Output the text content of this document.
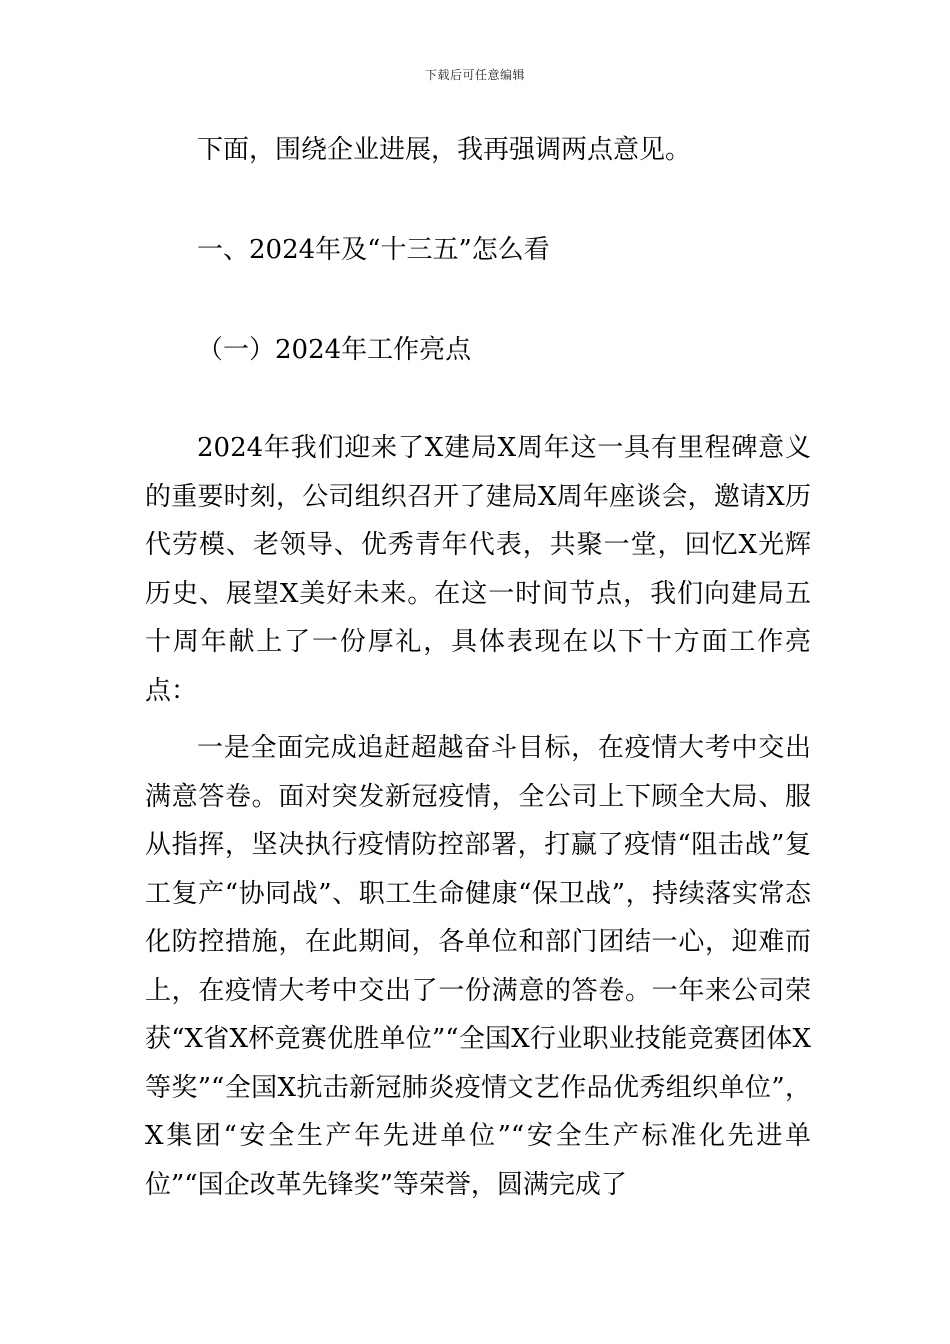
下载后可任意编辑
下面，围绕企业进展，我再强调两点意见。
一、2024年及“十三五”怎么看
（一）2024年工作亮点
2024年我们迎来了X建局X周年这一具有里程碑意义的重要时刻，公司组织召开了建局X周年座谈会，邀请X历代劳模、老领导、优秀青年代表，共聚一堂，回忆X光辉历史、展望X美好未来。在这一时间节点，我们向建局五十周年献上了一份厚礼，具体表现在以下十方面工作亮点：
一是全面完成追赶超越奋斗目标，在疫情大考中交出满意答卷。面对突发新冠疫情，全公司上下顾全大局、服从指挥，坚决执行疫情防控部署，打赢了疫情“阻击战”复工复产“协同战”、职工生命健康“保卫战”，持续落实常态化防控措施，在此期间，各单位和部门团结一心，迎难而上，在疫情大考中交出了一份满意的答卷。一年来公司荣获“X省X杯竞赛优胜单位”“全国X行业职业技能竞赛团体X等奖”“全国X抗击新冠肺炎疫情文艺作品优秀组织单位”，X集团“安全生产年先进单位”“安全生产标准化先进单位”“国企改革先锋奖”等荣誉，圆满完成了
